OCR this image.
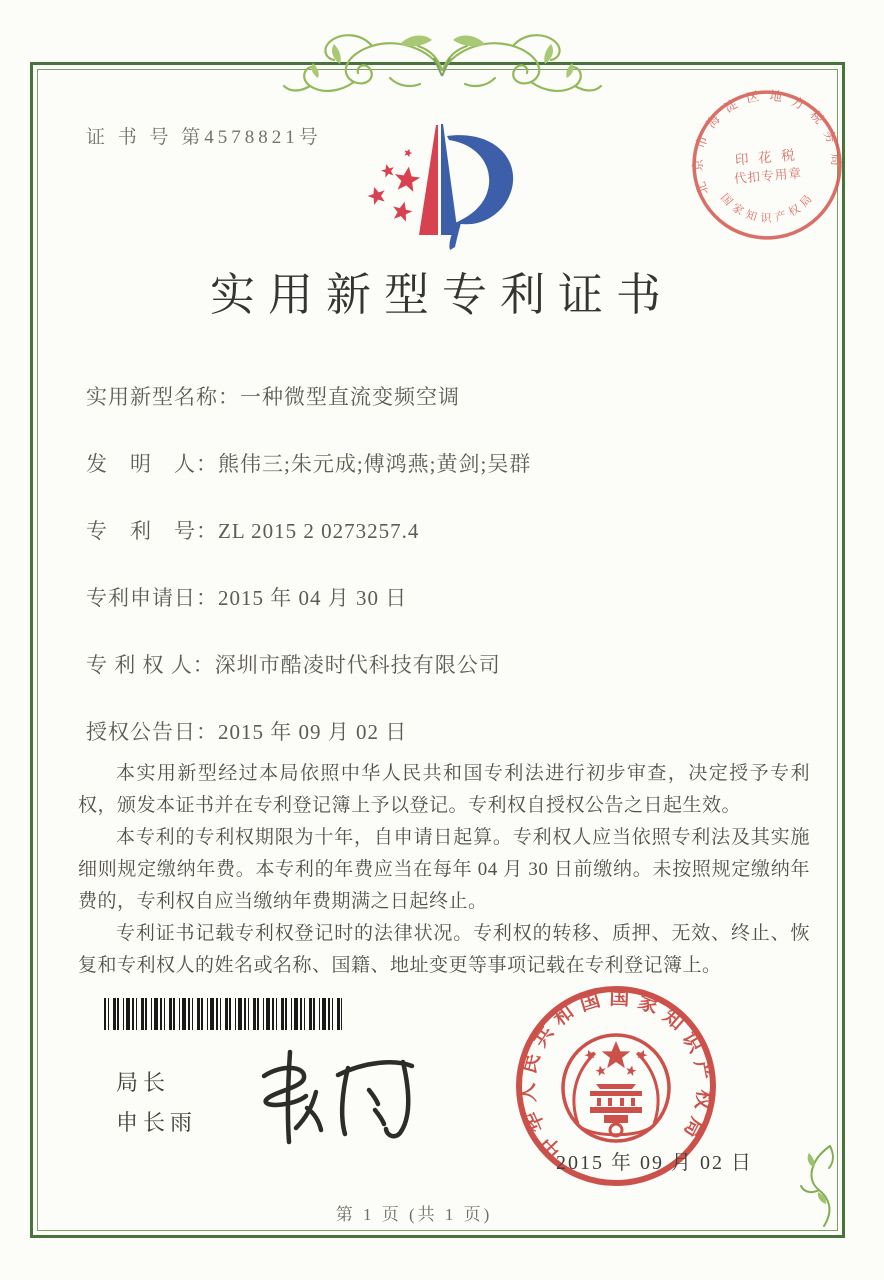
证 书 号 第4578821号
北京市海淀区地方税务局
国家知识产权局
印 花 税
代扣专用章
实用新型专利证书
实用新型名称：一种微型直流变频空调
发　明　人：熊伟三;朱元成;傅鸿燕;黄剑;吴群
专　利　号：ZL 2015 2 0273257.4
专利申请日：2015 年 04 月 30 日
专 利 权 人：深圳市酷凌时代科技有限公司
授权公告日：2015 年 09 月 02 日

本实用新型经过本局依照中华人民共和国专利法进行初步审查，决定授予专利权，颁发本证书并在专利登记簿上予以登记。专利权自授权公告之日起生效。

本专利的专利权期限为十年，自申请日起算。专利权人应当依照专利法及其实施细则规定缴纳年费。本专利的年费应当在每年 04 月 30 日前缴纳。未按照规定缴纳年费的，专利权自应当缴纳年费期满之日起终止。

专利证书记载专利权登记时的法律状况。专利权的转移、质押、无效、终止、恢复和专利权人的姓名或名称、国籍、地址变更等事项记载在专利登记簿上。

局长
申长雨
中华人民共和国国家知识产权局
2015 年 09 月 02 日
第 1 页 (共 1 页)
